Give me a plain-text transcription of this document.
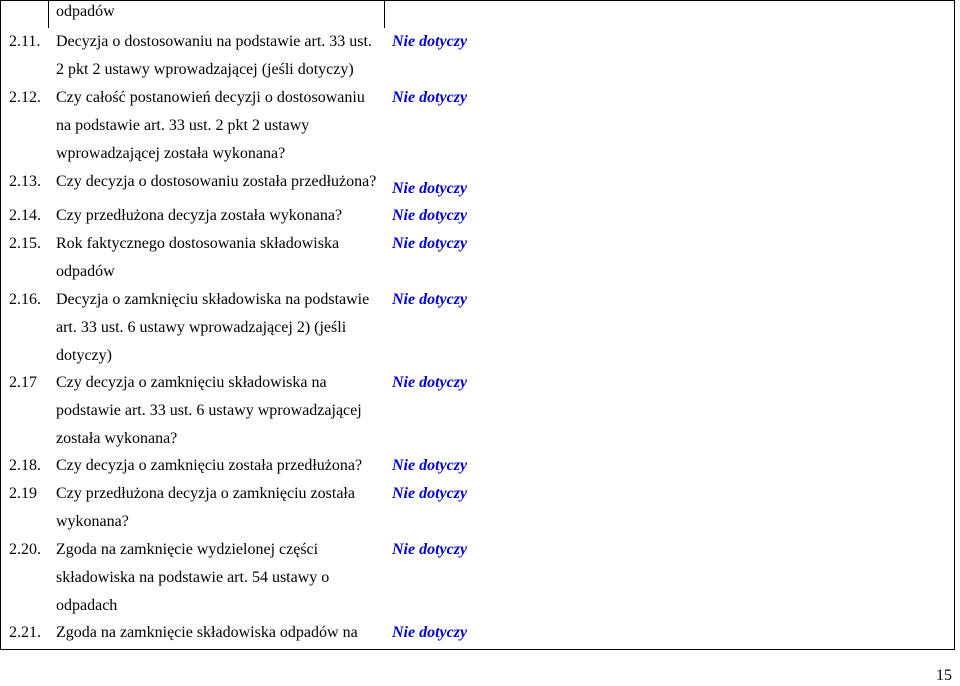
odpadów
2.11. Decyzja o dostosowaniu na podstawie art. 33 ust.
2 pkt 2 ustawy wprowadzającej (jeśli dotyczy)
Nie dotyczy
2.12. Czy całość postanowień decyzji o dostosowaniu
na podstawie art. 33 ust. 2 pkt 2 ustawy
wprowadzającej została wykonana?
Nie dotyczy
2.13. Czy decyzja o dostosowaniu została przedłużona? Nie dotyczy
2.14. Czy przedłużona decyzja została wykonana?	Nie dotyczy
2.15. Rok faktycznego dostosowania składowiska
odpadów
Nie dotyczy
2.16. Decyzja o zamknięciu składowiska na podstawie
art. 33 ust. 6 ustawy wprowadzającej 2) (jeśli
dotyczy)
Nie dotyczy
2.17 Czy decyzja o zamknięciu składowiska na
podstawie art. 33 ust. 6 ustawy wprowadzającej
została wykonana?
Nie dotyczy
2.18. Czy decyzja o zamknięciu została przedłużona? Nie dotyczy
2.19 Czy przedłużona decyzja o zamknięciu została
wykonana?
Nie dotyczy
2.20. Zgoda na zamknięcie wydzielonej części
składowiska na podstawie art. 54 ustawy o
odpadach
Nie dotyczy
2.21. Zgoda na zamknięcie składowiska odpadów na Nie dotyczy
15
